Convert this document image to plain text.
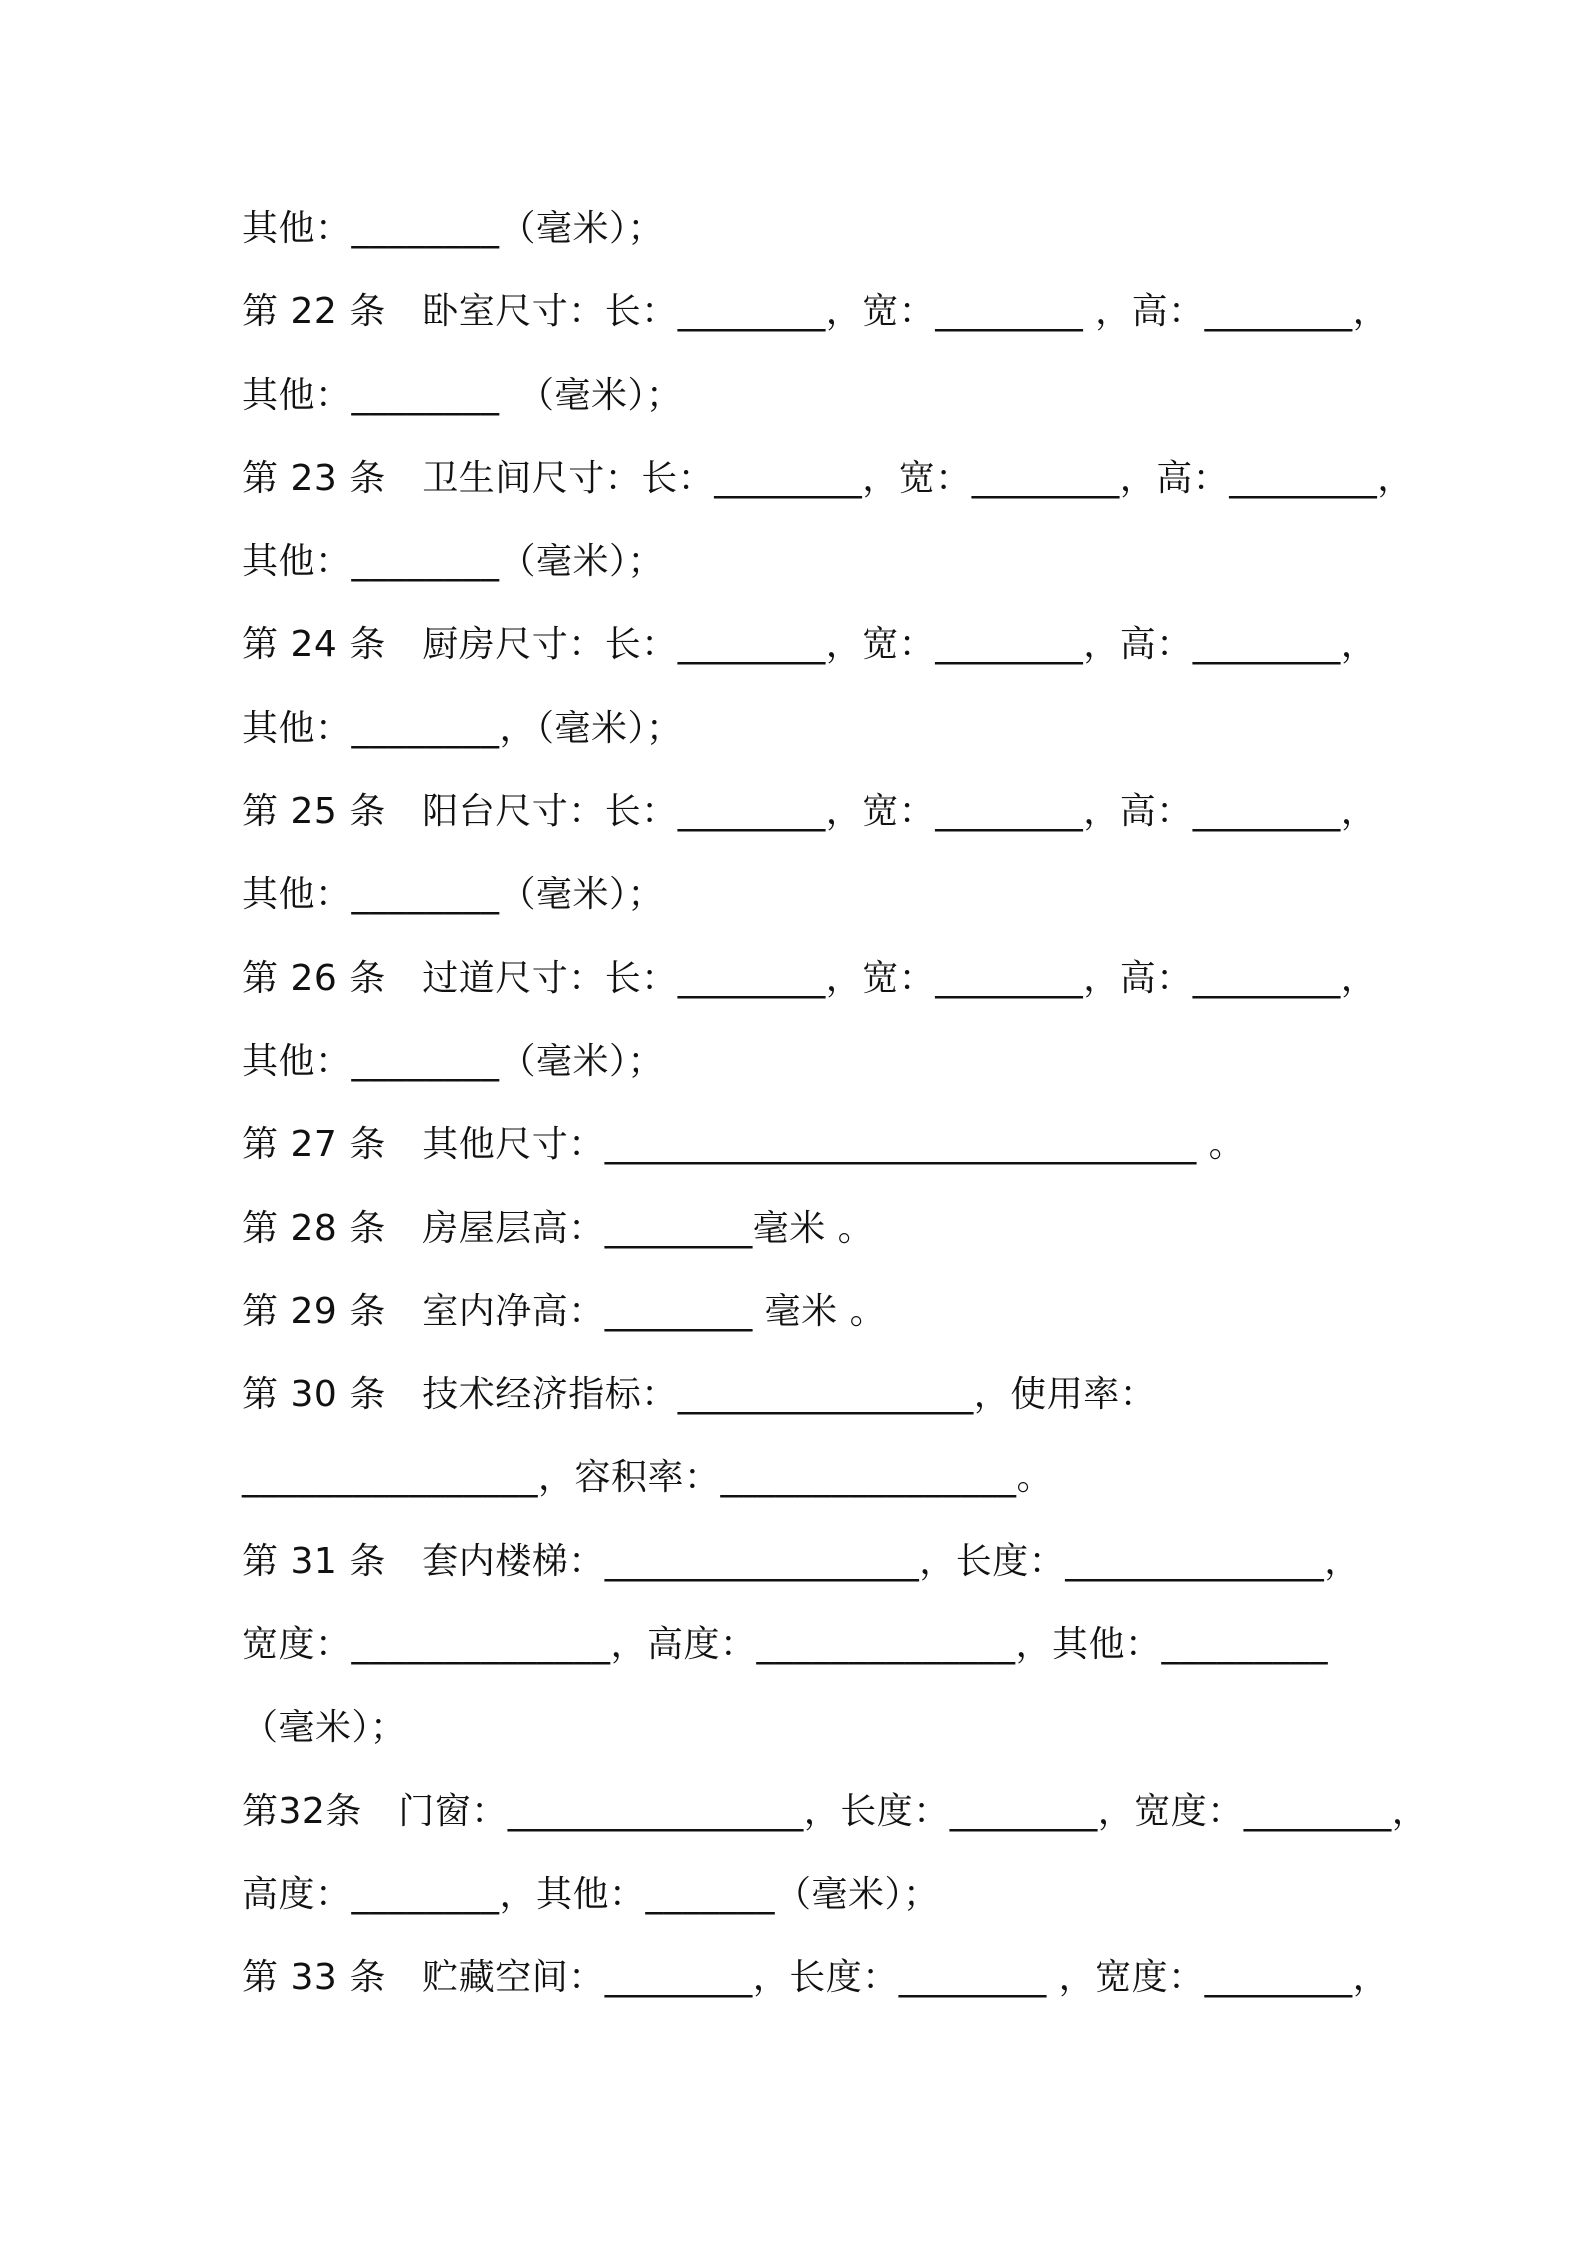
其他：________（毫米）；
第 22 条　卧室尺寸：长：________，宽：________ ，高：________，
其他：________　（毫米）；
第 23 条　卫生间尺寸：长：________，宽：________，高：________，
其他：________（毫米）；
第 24 条　厨房尺寸：长：________，宽：________，高：________，
其他：________，（毫米）；
第 25 条　阳台尺寸：长：________，宽：________，高：________，
其他：________（毫米）；
第 26 条　过道尺寸：长：________，宽：________，高：________，
其他：________（毫米）；
第 27 条　其他尺寸：________________________________ 。
第 28 条　房屋层高：________毫米 。
第 29 条　室内净高：________ 毫米 。
第 30 条　技术经济指标：________________，使用率：
________________，容积率：________________。
第 31 条　套内楼梯：_________________，长度：______________，
宽度：______________，高度：______________，其他：_________
（毫米）；
第32条　门窗：________________，长度：________，宽度：________，
高度：________，其他：_______（毫米）；
第 33 条　贮藏空间：________，长度：________ ，宽度：________，
